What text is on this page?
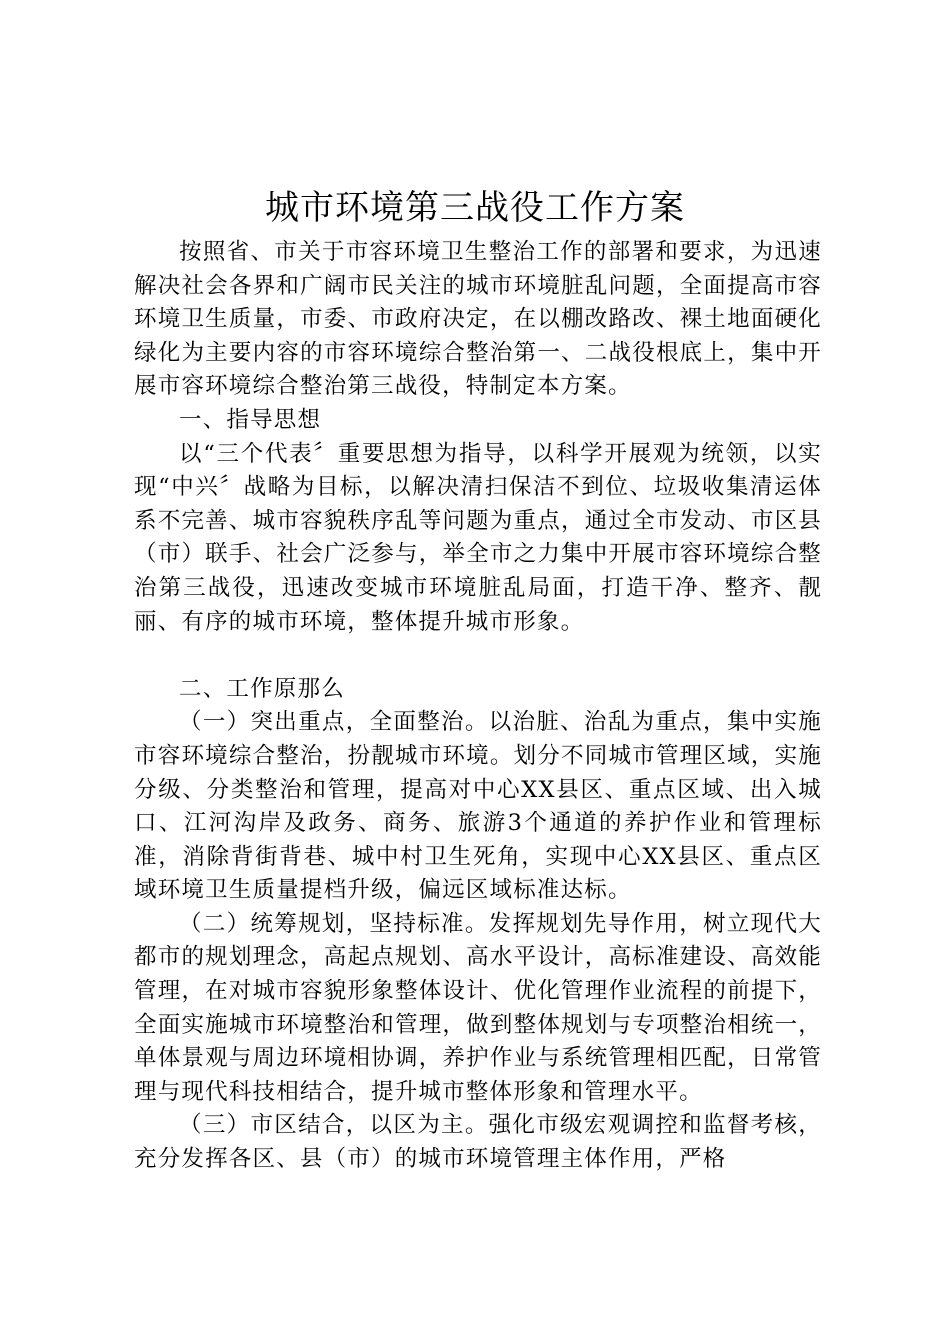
城市环境第三战役工作方案

按照省、市关于市容环境卫生整治工作的部署和要求，为迅速解决社会各界和广阔市民关注的城市环境脏乱问题，全面提高市容环境卫生质量，市委、市政府决定，在以棚改路改、裸土地面硬化绿化为主要内容的市容环境综合整治第一、二战役根底上，集中开展市容环境综合整治第三战役，特制定本方案。

一、指导思想

以“三个代表〞重要思想为指导，以科学开展观为统领，以实现“中兴〞战略为目标，以解决清扫保洁不到位、垃圾收集清运体系不完善、城市容貌秩序乱等问题为重点，通过全市发动、市区县（市）联手、社会广泛参与，举全市之力集中开展市容环境综合整治第三战役，迅速改变城市环境脏乱局面，打造干净、整齐、靓丽、有序的城市环境，整体提升城市形象。

二、工作原那么

（一）突出重点，全面整治。以治脏、治乱为重点，集中实施市容环境综合整治，扮靓城市环境。划分不同城市管理区域，实施分级、分类整治和管理，提高对中心XX县区、重点区域、出入城口、江河沟岸及政务、商务、旅游3个通道的养护作业和管理标准，消除背街背巷、城中村卫生死角，实现中心XX县区、重点区域环境卫生质量提档升级，偏远区域标准达标。

（二）统筹规划，坚持标准。发挥规划先导作用，树立现代大都市的规划理念，高起点规划、高水平设计，高标准建设、高效能管理，在对城市容貌形象整体设计、优化管理作业流程的前提下，全面实施城市环境整治和管理，做到整体规划与专项整治相统一，单体景观与周边环境相协调，养护作业与系统管理相匹配，日常管理与现代科技相结合，提升城市整体形象和管理水平。

（三）市区结合，以区为主。强化市级宏观调控和监督考核，充分发挥各区、县（市）的城市环境管理主体作用，严格
